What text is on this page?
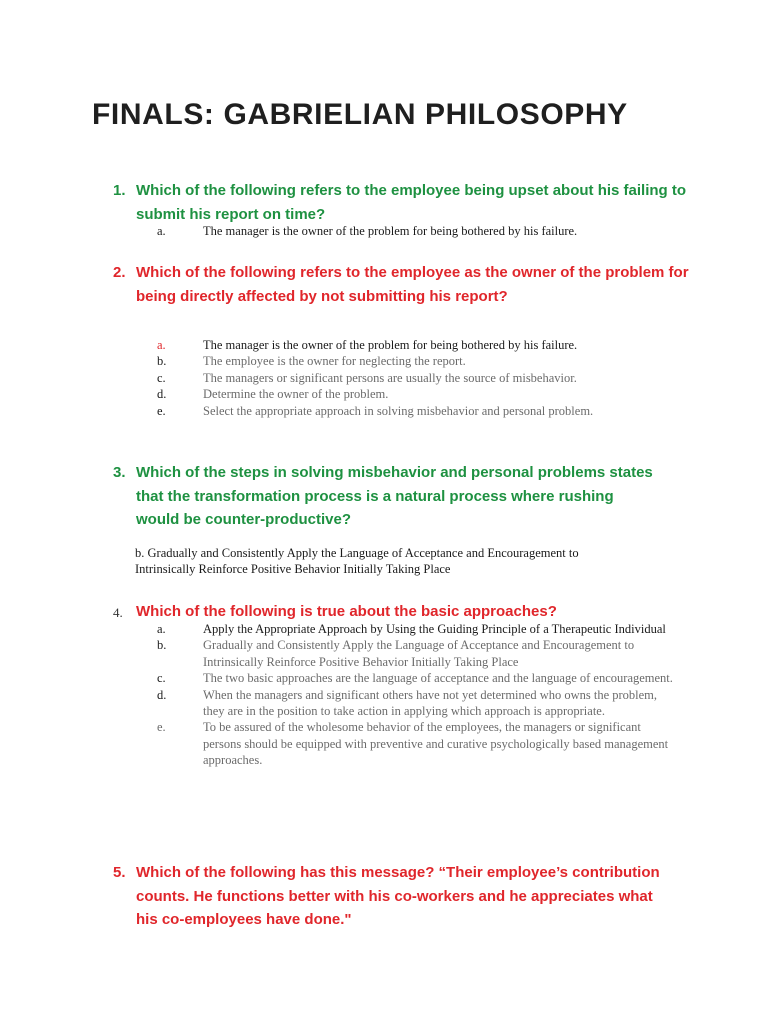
FINALS: GABRIELIAN PHILOSOPHY
1. Which of the following refers to the employee being upset about his failing to submit his report on time?
a.	The manager is the owner of the problem for being bothered by his failure.
2. Which of the following refers to the employee as the owner of the problem for being directly affected by not submitting his report?
a.	The manager is the owner of the problem for being bothered by his failure.
b.	The employee is the owner for neglecting the report.
c.	The managers or significant persons are usually the source of misbehavior.
d.	Determine the owner of the problem.
e.	Select the appropriate approach in solving misbehavior and personal problem.
3. Which of the steps in solving misbehavior and personal problems states that the transformation process is a natural process where rushing would be counter-productive?

b. Gradually and Consistently Apply the Language of Acceptance and Encouragement to Intrinsically Reinforce Positive Behavior Initially Taking Place

4. Which of the following is true about the basic approaches?
a.	Apply the Appropriate Approach by Using the Guiding Principle of a Therapeutic Individual
b.	Gradually and Consistently Apply the Language of Acceptance and Encouragement to Intrinsically Reinforce Positive Behavior Initially Taking Place
c.	The two basic approaches are the language of acceptance and the language of encouragement.
d.	When the managers and significant others have not yet determined who owns the problem, they are in the position to take action in applying which approach is appropriate.
e.	To be assured of the wholesome behavior of the employees, the managers or significant persons should be equipped with preventive and curative psychologically based management approaches.
5. Which of the following has this message? “Their employee’s contribution counts. He functions better with his co-workers and he appreciates what his co-employees have done."
